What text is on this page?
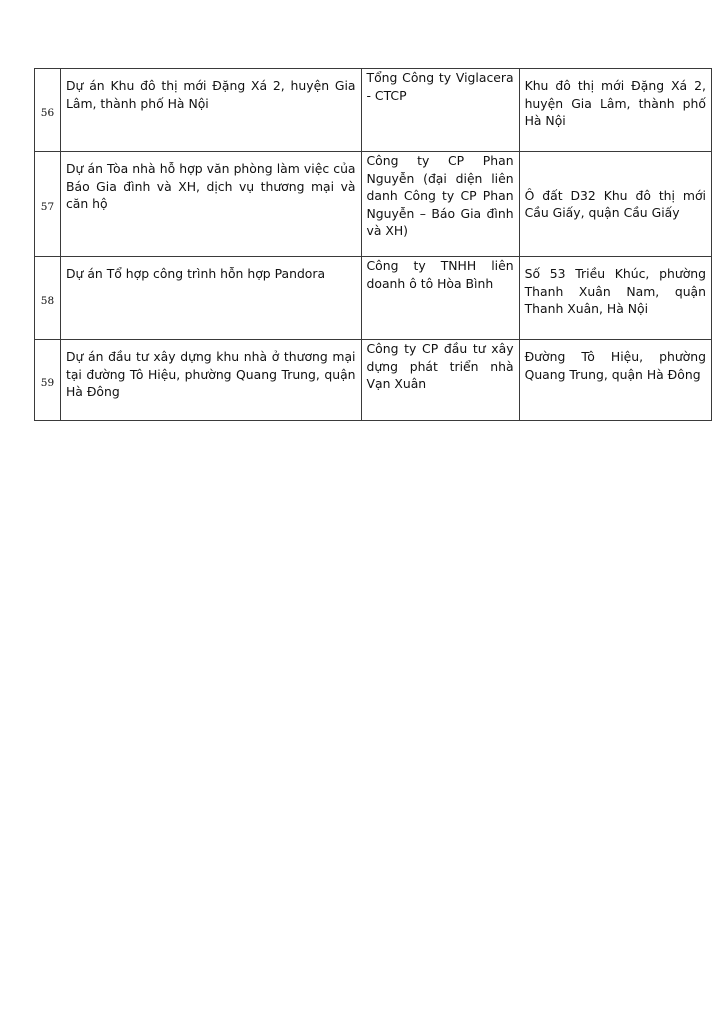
56	Dự án Khu đô thị mới Đặng Xá 2, huyện Gia Lâm, thành phố Hà Nội	Tổng Công ty Viglacera - CTCP	Khu đô thị mới Đặng Xá 2, huyện Gia Lâm, thành phố Hà Nội
57	Dự án Tòa nhà hỗ hợp văn phòng làm việc của Báo Gia đình và XH, dịch vụ thương mại và căn hộ	Công ty CP Phan Nguyễn (đại diện liên danh Công ty CP Phan Nguyễn – Báo Gia đình và XH)	Ô đất D32 Khu đô thị mới Cầu Giấy, quận Cầu Giấy
58	Dự án Tổ hợp công trình hỗn hợp Pandora	Công ty TNHH liên doanh ô tô Hòa Bình	Số 53 Triều Khúc, phường Thanh Xuân Nam, quận Thanh Xuân, Hà Nội
59	Dự án đầu tư xây dựng khu nhà ở thương mại tại đường Tô Hiệu, phường Quang Trung, quận Hà Đông	Công ty CP đầu tư xây dựng phát triển nhà Vạn Xuân	Đường Tô Hiệu, phường Quang Trung, quận Hà Đông
